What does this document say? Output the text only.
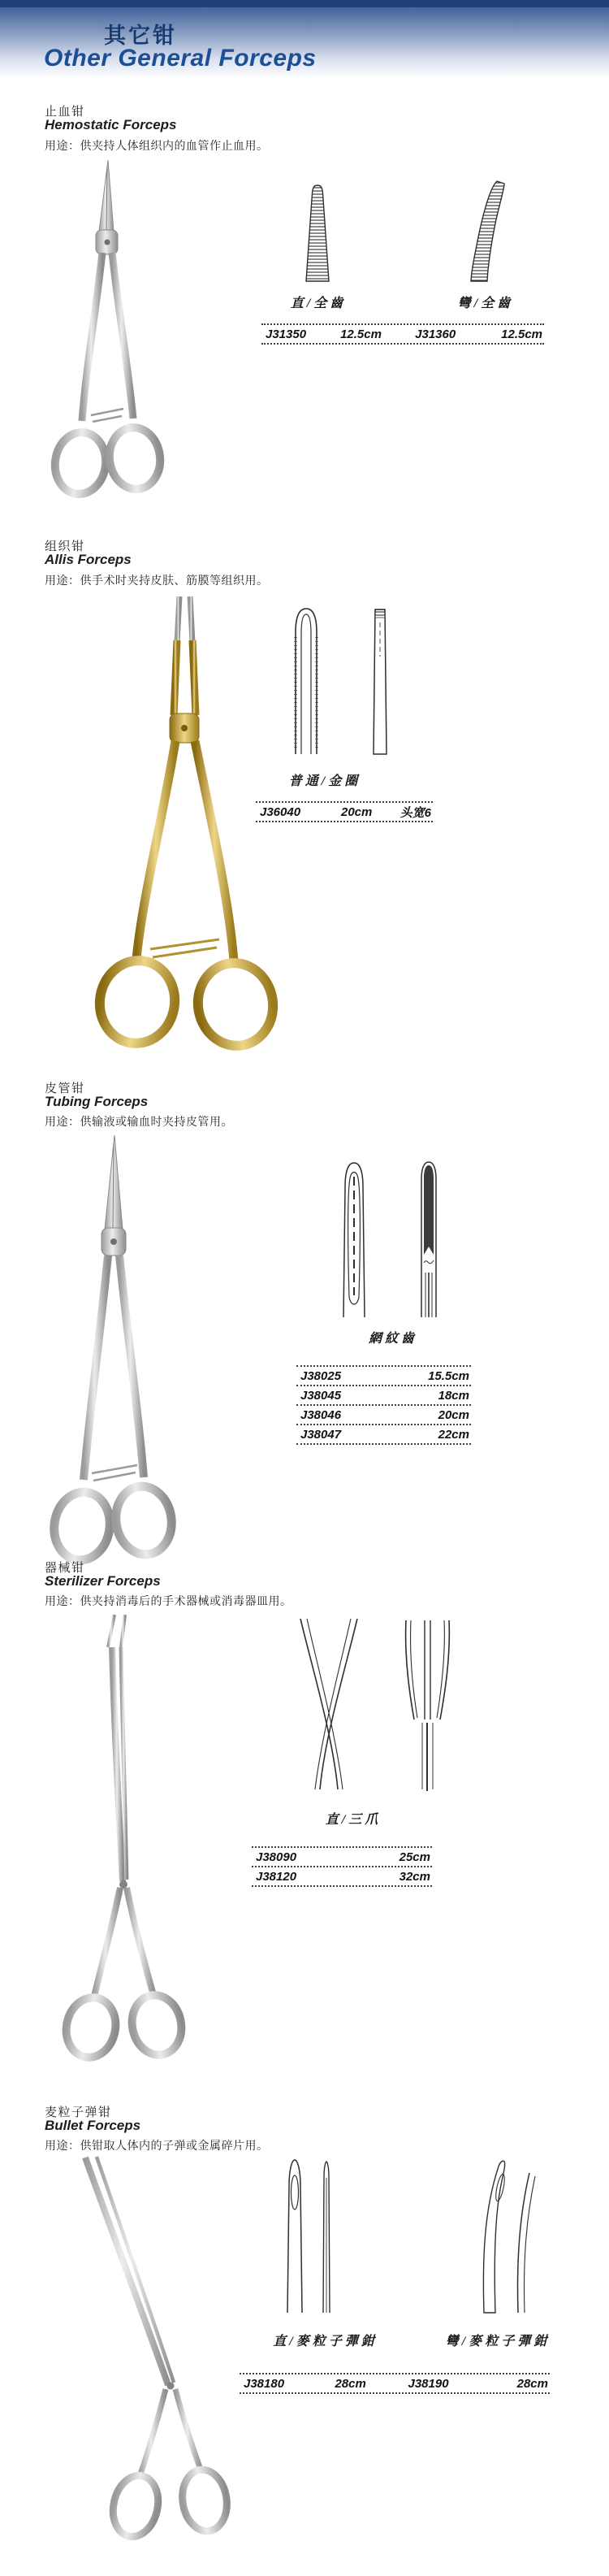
其它钳
Other General Forceps
止血钳
Hemostatic Forceps
用途：供夹持人体组织内的血管作止血用。
直/全齒	彎/全齒
J31350	12.5cm	J31360	12.5cm
组织钳
Allis Forceps
用途：供手术时夹持皮肤、筋膜等组织用。
普通/金圈
J36040	20cm	头宽6
皮管钳
Tubing Forceps
用途：供输液或输血时夹持皮管用。
網紋齒
J38025	15.5cm
J38045	18cm
J38046	20cm
J38047	22cm
器械钳
Sterilizer Forceps
用途：供夹持消毒后的手术器械或消毒器皿用。
直/三爪
J38090	25cm
J38120	32cm
麦粒子弹钳
Bullet Forceps
用途：供钳取人体内的子弹或金属碎片用。
直/麥粒子彈鉗	彎/麥粒子彈鉗
J38180	28cm	J38190	28cm
